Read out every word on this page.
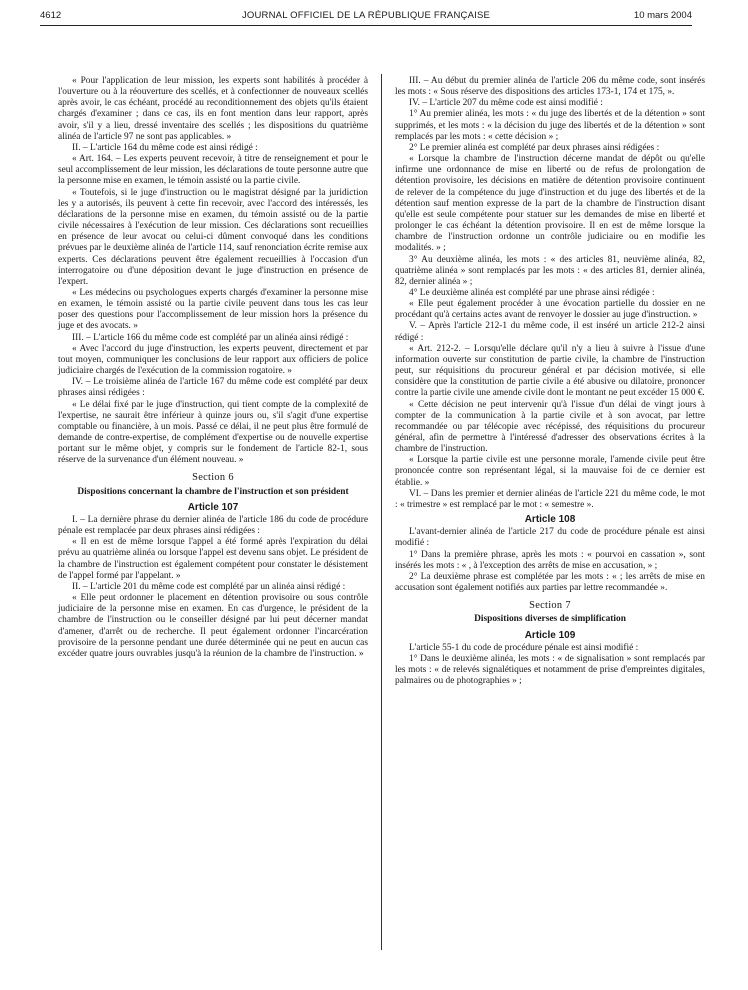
4612	JOURNAL OFFICIEL DE LA RÉPUBLIQUE FRANÇAISE	10 mars 2004

« Pour l'application de leur mission, les experts sont habilités à procéder à l'ouverture ou à la réouverture des scellés, et à confectionner de nouveaux scellés après avoir, le cas échéant, procédé au reconditionnement des objets qu'ils étaient chargés d'examiner ; dans ce cas, ils en font mention dans leur rapport, après avoir, s'il y a lieu, dressé inventaire des scellés ; les dispositions du quatrième alinéa de l'article 97 ne sont pas applicables. »

II. – L'article 164 du même code est ainsi rédigé :

« Art. 164. – Les experts peuvent recevoir, à titre de renseignement et pour le seul accomplissement de leur mission, les déclarations de toute personne autre que la personne mise en examen, le témoin assisté ou la partie civile.

« Toutefois, si le juge d'instruction ou le magistrat désigné par la juridiction les y a autorisés, ils peuvent à cette fin recevoir, avec l'accord des intéressés, les déclarations de la personne mise en examen, du témoin assisté ou de la partie civile nécessaires à l'exécution de leur mission. Ces déclarations sont recueillies en présence de leur avocat ou celui-ci dûment convoqué dans les conditions prévues par le deuxième alinéa de l'article 114, sauf renonciation écrite remise aux experts. Ces déclarations peuvent être également recueillies à l'occasion d'un interrogatoire ou d'une déposition devant le juge d'instruction en présence de l'expert.

« Les médecins ou psychologues experts chargés d'examiner la personne mise en examen, le témoin assisté ou la partie civile peuvent dans tous les cas leur poser des questions pour l'accomplissement de leur mission hors la présence du juge et des avocats. »

III. – L'article 166 du même code est complété par un alinéa ainsi rédigé :

« Avec l'accord du juge d'instruction, les experts peuvent, directement et par tout moyen, communiquer les conclusions de leur rapport aux officiers de police judiciaire chargés de l'exécution de la commission rogatoire. »

IV. – Le troisième alinéa de l'article 167 du même code est complété par deux phrases ainsi rédigées :

« Le délai fixé par le juge d'instruction, qui tient compte de la complexité de l'expertise, ne saurait être inférieur à quinze jours ou, s'il s'agit d'une expertise comptable ou financière, à un mois. Passé ce délai, il ne peut plus être formulé de demande de contre-expertise, de complément d'expertise ou de nouvelle expertise portant sur le même objet, y compris sur le fondement de l'article 82-1, sous réserve de la survenance d'un élément nouveau. »

Section 6
Dispositions concernant la chambre de l'instruction et son président
Article 107

I. – La dernière phrase du dernier alinéa de l'article 186 du code de procédure pénale est remplacée par deux phrases ainsi rédigées :

« Il en est de même lorsque l'appel a été formé après l'expiration du délai prévu au quatrième alinéa ou lorsque l'appel est devenu sans objet. Le président de la chambre de l'instruction est également compétent pour constater le désistement de l'appel formé par l'appelant. »

II. – L'article 201 du même code est complété par un alinéa ainsi rédigé :

« Elle peut ordonner le placement en détention provisoire ou sous contrôle judiciaire de la personne mise en examen. En cas d'urgence, le président de la chambre de l'instruction ou le conseiller désigné par lui peut décerner mandat d'amener, d'arrêt ou de recherche. Il peut également ordonner l'incarcération provisoire de la personne pendant une durée déterminée qui ne peut en aucun cas excéder quatre jours ouvrables jusqu'à la réunion de la chambre de l'instruction. »

III. – Au début du premier alinéa de l'article 206 du même code, sont insérés les mots : « Sous réserve des dispositions des articles 173-1, 174 et 175, ».

IV. – L'article 207 du même code est ainsi modifié :

1° Au premier alinéa, les mots : « du juge des libertés et de la détention » sont supprimés, et les mots : « la décision du juge des libertés et de la détention » sont remplacés par les mots : « cette décision » ;

2° Le premier alinéa est complété par deux phrases ainsi rédigées :

« Lorsque la chambre de l'instruction décerne mandat de dépôt ou qu'elle infirme une ordonnance de mise en liberté ou de refus de prolongation de détention provisoire, les décisions en matière de détention provisoire continuent de relever de la compétence du juge d'instruction et du juge des libertés et de la détention sauf mention expresse de la part de la chambre de l'instruction disant qu'elle est seule compétente pour statuer sur les demandes de mise en liberté et prolonger le cas échéant la détention provisoire. Il en est de même lorsque la chambre de l'instruction ordonne un contrôle judiciaire ou en modifie les modalités. » ;

3° Au deuxième alinéa, les mots : « des articles 81, neuvième alinéa, 82, quatrième alinéa » sont remplacés par les mots : « des articles 81, dernier alinéa, 82, dernier alinéa » ;

4° Le deuxième alinéa est complété par une phrase ainsi rédigée :

« Elle peut également procéder à une évocation partielle du dossier en ne procédant qu'à certains actes avant de renvoyer le dossier au juge d'instruction. »

V. – Après l'article 212-1 du même code, il est inséré un article 212-2 ainsi rédigé :

« Art. 212-2. – Lorsqu'elle déclare qu'il n'y a lieu à suivre à l'issue d'une information ouverte sur constitution de partie civile, la chambre de l'instruction peut, sur réquisitions du procureur général et par décision motivée, si elle considère que la constitution de partie civile a été abusive ou dilatoire, prononcer contre la partie civile une amende civile dont le montant ne peut excéder 15 000 €.

« Cette décision ne peut intervenir qu'à l'issue d'un délai de vingt jours à compter de la communication à la partie civile et à son avocat, par lettre recommandée ou par télécopie avec récépissé, des réquisitions du procureur général, afin de permettre à l'intéressé d'adresser des observations écrites à la chambre de l'instruction.

« Lorsque la partie civile est une personne morale, l'amende civile peut être prononcée contre son représentant légal, si la mauvaise foi de ce dernier est établie. »

VI. – Dans les premier et dernier alinéas de l'article 221 du même code, le mot : « trimestre » est remplacé par le mot : « semestre ».

Article 108

L'avant-dernier alinéa de l'article 217 du code de procédure pénale est ainsi modifié :

1° Dans la première phrase, après les mots : « pourvoi en cassation », sont insérés les mots : « , à l'exception des arrêts de mise en accusation, » ;

2° La deuxième phrase est complétée par les mots : « ; les arrêts de mise en accusation sont également notifiés aux parties par lettre recommandée ».

Section 7
Dispositions diverses de simplification
Article 109

L'article 55-1 du code de procédure pénale est ainsi modifié :

1° Dans le deuxième alinéa, les mots : « de signalisation » sont remplacés par les mots : « de relevés signalétiques et notamment de prise d'empreintes digitales, palmaires ou de photographies » ;
